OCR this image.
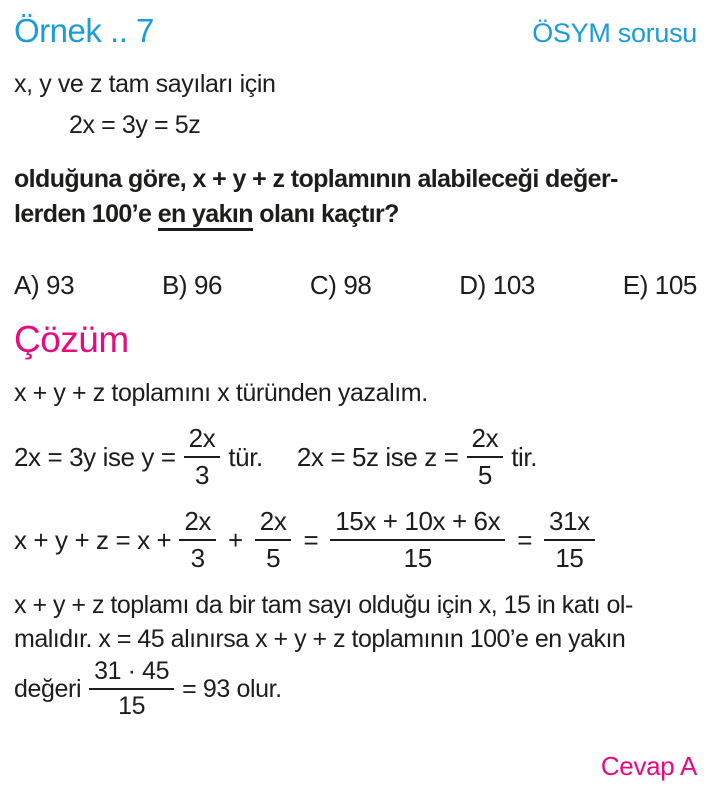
Örnek .. 7	ÖSYM sorusu
x, y ve z tam sayıları için
2x = 3y = 5z
olduğuna göre, x + y + z toplamının alabileceği değer-
lerden 100’e en yakın olanı kaçtır?
A) 93	B) 96	C) 98	D) 103	E) 105
Çözüm
x + y + z toplamını x türünden yazalım.
2x = 3y ise $y = \frac{2x}{3}$ tür. 2x = 5z ise $z = \frac{2x}{5}$ tir.
$x + y + z = x + \frac{2x}{3} + \frac{2x}{5} = \frac{15x + 10x + 6x}{15} = \frac{31x}{15}$
x + y + z toplamı da bir tam sayı olduğu için x, 15 in katı ol-
malıdır. x = 45 alınırsa x + y + z toplamının 100’e en yakın
değeri $\frac{31 \cdot 45}{15} = 93$ olur.
Cevap A
